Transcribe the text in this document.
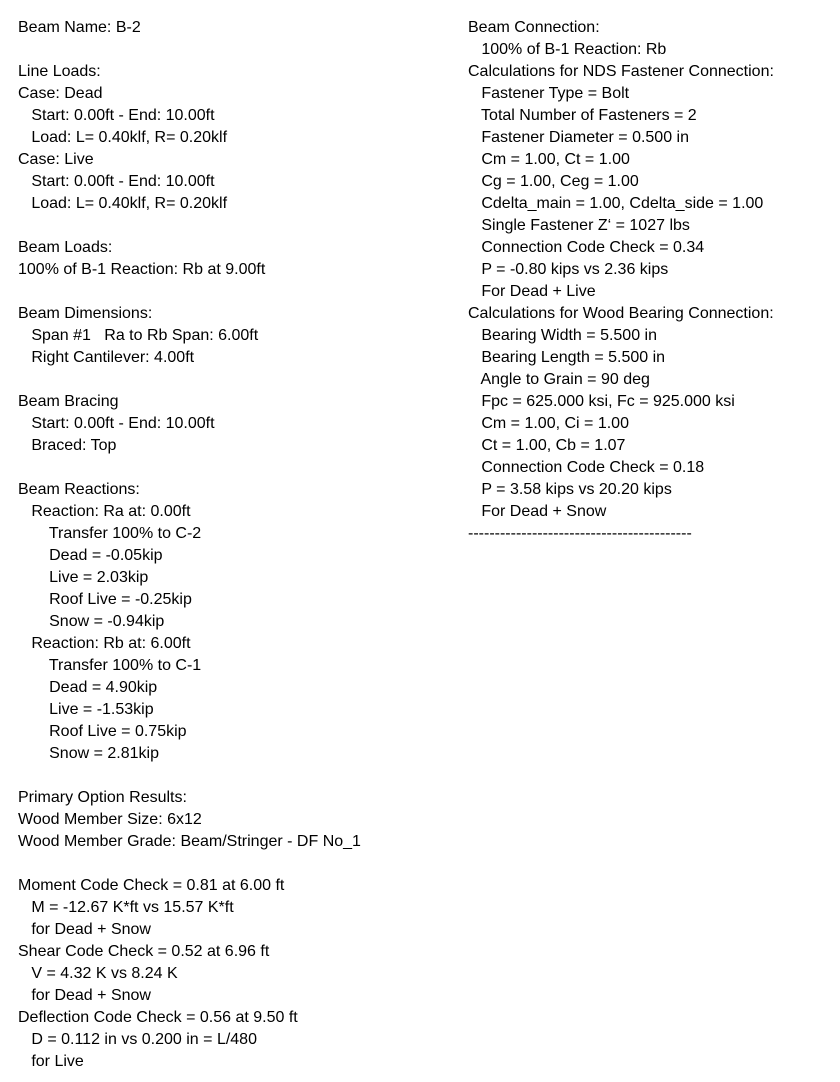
Beam Name: B-2
Line Loads:
Case: Dead
Start: 0.00ft - End: 10.00ft
Load: L= 0.40klf, R= 0.20klf
Case: Live
Start: 0.00ft - End: 10.00ft
Load: L= 0.40klf, R= 0.20klf
Beam Loads:
100% of B-1 Reaction: Rb at 9.00ft
Beam Dimensions:
Span #1   Ra to Rb Span: 6.00ft
Right Cantilever: 4.00ft
Beam Bracing
Start: 0.00ft - End: 10.00ft
Braced: Top
Beam Reactions:
Reaction: Ra at: 0.00ft
Transfer 100% to C-2
Dead = -0.05kip
Live = 2.03kip
Roof Live = -0.25kip
Snow = -0.94kip
Reaction: Rb at: 6.00ft
Transfer 100% to C-1
Dead = 4.90kip
Live = -1.53kip
Roof Live = 0.75kip
Snow = 2.81kip
Primary Option Results:
Wood Member Size: 6x12
Wood Member Grade: Beam/Stringer - DF No_1
Moment Code Check = 0.81 at 6.00 ft
M = -12.67 K*ft vs 15.57 K*ft
for Dead + Snow
Shear Code Check = 0.52 at 6.96 ft
V = 4.32 K vs 8.24 K
for Dead + Snow
Deflection Code Check = 0.56 at 9.50 ft
D = 0.112 in vs 0.200 in = L/480
for Live
Beam Connection:
100% of B-1 Reaction: Rb
Calculations for NDS Fastener Connection:
Fastener Type = Bolt
Total Number of Fasteners = 2
Fastener Diameter = 0.500 in
Cm = 1.00, Ct = 1.00
Cg = 1.00, Ceg = 1.00
Cdelta_main = 1.00, Cdelta_side = 1.00
Single Fastener Z‘ = 1027 lbs
Connection Code Check = 0.34
P = -0.80 kips vs 2.36 kips
For Dead + Live
Calculations for Wood Bearing Connection:
Bearing Width = 5.500 in
Bearing Length = 5.500 in
Angle to Grain = 90 deg
Fpc = 625.000 ksi, Fc = 925.000 ksi
Cm = 1.00, Ci = 1.00
Ct = 1.00, Cb = 1.07
Connection Code Check = 0.18
P = 3.58 kips vs 20.20 kips
For Dead + Snow
------------------------------------------
